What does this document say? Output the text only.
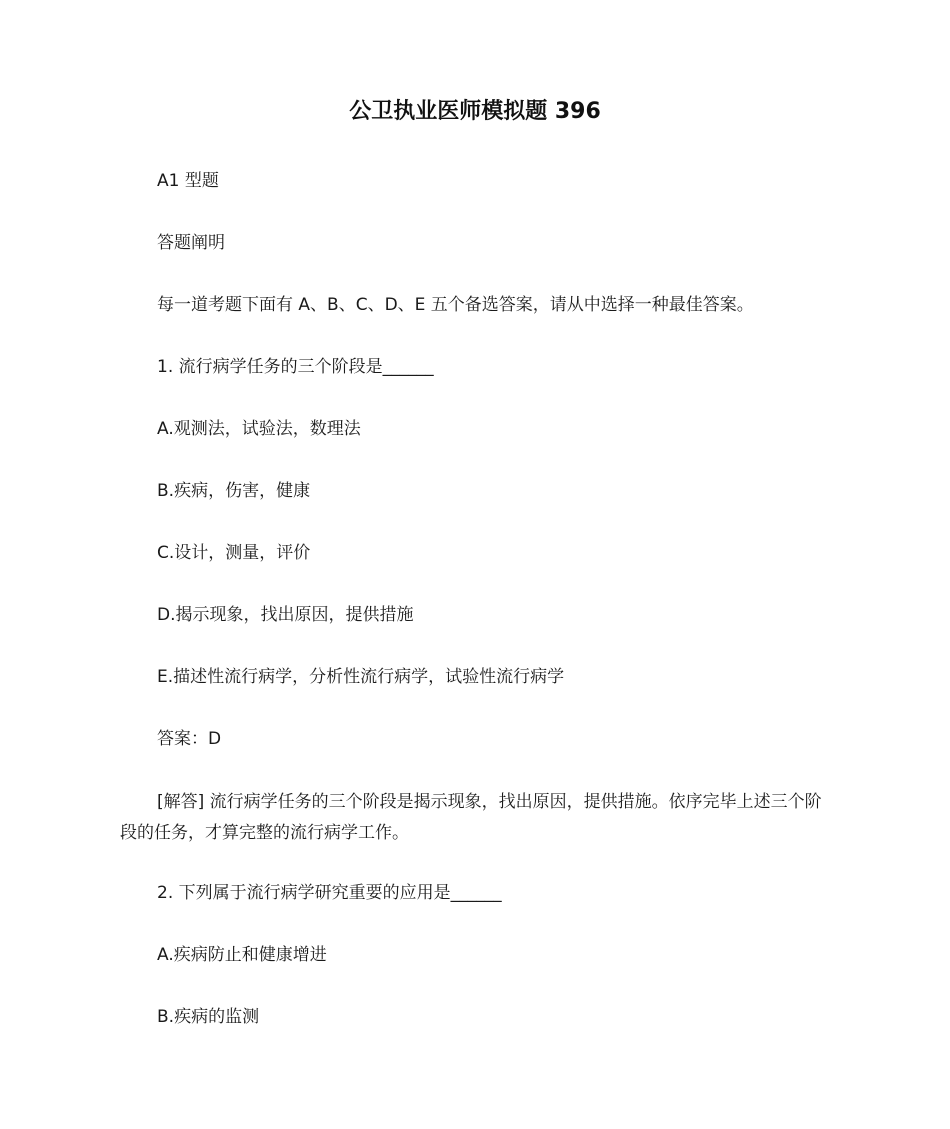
公卫执业医师模拟题 396
A1 型题
答题阐明
每一道考题下面有 A、B、C、D、E 五个备选答案，请从中选择一种最佳答案。
1. 流行病学任务的三个阶段是______
A.观测法，试验法，数理法
B.疾病，伤害，健康
C.设计，测量，评价
D.揭示现象，找出原因，提供措施
E.描述性流行病学，分析性流行病学，试验性流行病学
答案：D
[解答] 流行病学任务的三个阶段是揭示现象，找出原因，提供措施。依序完毕上述三个阶段的任务，才算完整的流行病学工作。
2. 下列属于流行病学研究重要的应用是______
A.疾病防止和健康增进
B.疾病的监测
